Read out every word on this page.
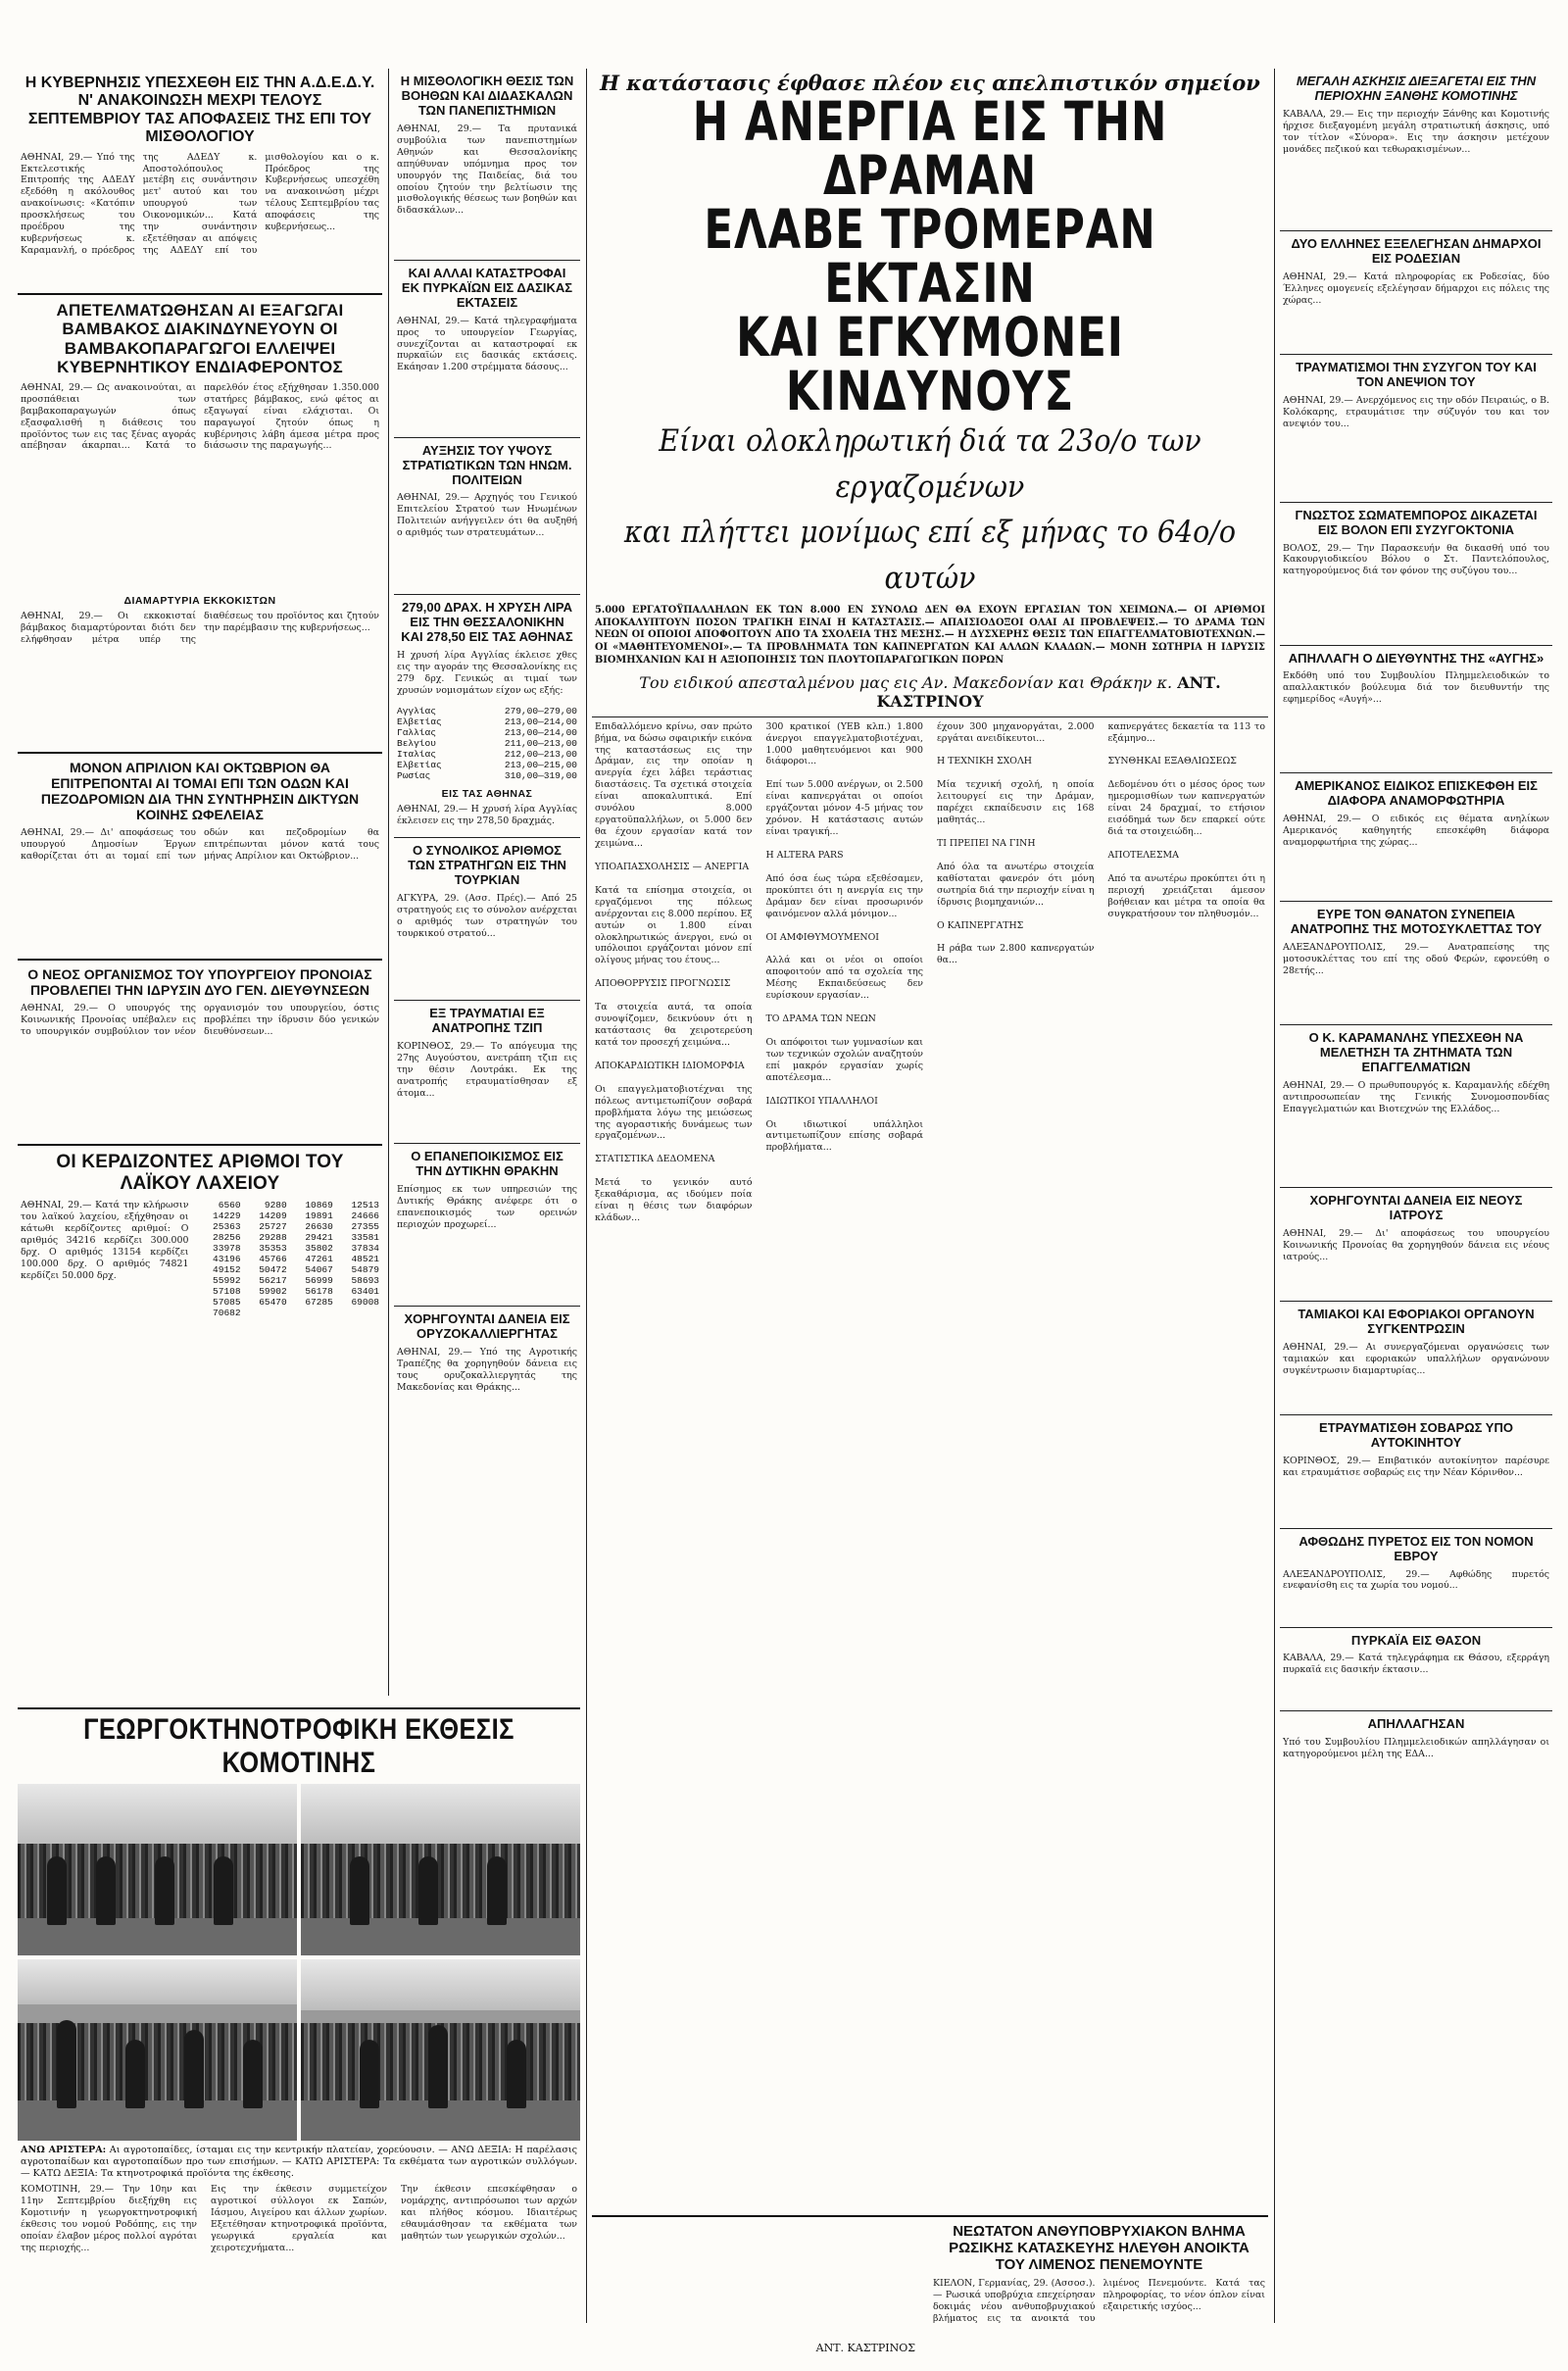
Η ΚΥΒΕΡΝΗΣΙΣ ΥΠΕΣΧΕΘΗ ΕΙΣ ΤΗΝ Α.Δ.Ε.Δ.Υ. Ν' ΑΝΑΚΟΙΝΩΣΗ ΜΕΧΡΙ ΤΕΛΟΥΣ ΣΕΠΤΕΜΒΡΙΟΥ ΤΑΣ ΑΠΟΦΑΣΕΙΣ ΤΗΣ ΕΠΙ ΤΟΥ ΜΙΣΘΟΛΟΓΙΟΥ
ΑΘΗΝΑΙ, 29.— Υπό της Εκτελεστικής Επιτροπής της ΑΔΕΔΥ εξεδόθη η ακόλουθος ανακοίνωσις: «Κατόπιν προσκλήσεως του προέδρου της κυβερνήσεως κ. Καραμανλή, ο πρόεδρος της ΑΔΕΔΥ κ. Αποστολόπουλος μετέβη εις συνάντησιν μετ' αυτού και του υπουργού των Οικονομικών... Κατά την συνάντησιν εξετέθησαν αι απόψεις της ΑΔΕΔΥ επί του μισθολογίου και ο κ. Πρόεδρος της Κυβερνήσεως υπεσχέθη να ανακοινώση μέχρι τέλους Σεπτεμβρίου τας αποφάσεις της κυβερνήσεως...
ΑΠΕΤΕΛΜΑΤΩΘΗΣΑΝ ΑΙ ΕΞΑΓΩΓΑΙ ΒΑΜΒΑΚΟΣ ΔΙΑΚΙΝΔΥΝΕΥΟΥΝ ΟΙ ΒΑΜΒΑΚΟΠΑΡΑΓΩΓΟΙ ΕΛΛΕΙΨΕΙ ΚΥΒΕΡΝΗΤΙΚΟΥ ΕΝΔΙΑΦΕΡΟΝΤΟΣ
ΑΘΗΝΑΙ, 29.— Ως ανακοινούται, αι προσπάθειαι των βαμβακοπαραγωγών όπως εξασφαλισθή η διάθεσις του προϊόντος των εις τας ξένας αγοράς απέβησαν άκαρπαι... Κατά το παρελθόν έτος εξήχθησαν 1.350.000 στατήρες βάμβακος, ενώ φέτος αι εξαγωγαί είναι ελάχισται. Οι παραγωγοί ζητούν όπως η κυβέρνησις λάβη άμεσα μέτρα προς διάσωσιν της παραγωγής...
ΔΙΑΜΑΡΤΥΡΙΑ ΕΚΚΟΚΙΣΤΩΝ
ΑΘΗΝΑΙ, 29.— Οι εκκοκισταί βάμβακος διαμαρτύρονται διότι δεν ελήφθησαν μέτρα υπέρ της διαθέσεως του προϊόντος και ζητούν την παρέμβασιν της κυβερνήσεως...
ΜΟΝΟΝ ΑΠΡΙΛΙΟΝ ΚΑΙ ΟΚΤΩΒΡΙΟΝ ΘΑ ΕΠΙΤΡΕΠΟΝΤΑΙ ΑΙ ΤΟΜΑΙ ΕΠΙ ΤΩΝ ΟΔΩΝ ΚΑΙ ΠΕΖΟΔΡΟΜΙΩΝ ΔΙΑ ΤΗΝ ΣΥΝΤΗΡΗΣΙΝ ΔΙΚΤΥΩΝ ΚΟΙΝΗΣ ΩΦΕΛΕΙΑΣ
ΑΘΗΝΑΙ, 29.— Δι' αποφάσεως του υπουργού Δημοσίων Έργων καθορίζεται ότι αι τομαί επί των οδών και πεζοδρομίων θα επιτρέπωνται μόνον κατά τους μήνας Απρίλιον και Οκτώβριον...
Ο ΝΕΟΣ ΟΡΓΑΝΙΣΜΟΣ ΤΟΥ ΥΠΟΥΡΓΕΙΟΥ ΠΡΟΝΟΙΑΣ ΠΡΟΒΛΕΠΕΙ ΤΗΝ ΙΔΡΥΣΙΝ ΔΥΟ ΓΕΝ. ΔΙΕΥΘΥΝΣΕΩΝ
ΑΘΗΝΑΙ, 29.— Ο υπουργός της Κοινωνικής Προνοίας υπέβαλεν εις το υπουργικόν συμβούλιον τον νέον οργανισμόν του υπουργείου, όστις προβλέπει την ίδρυσιν δύο γενικών διευθύνσεων...
ΟΙ ΚΕΡΔΙΖΟΝΤΕΣ ΑΡΙΘΜΟΙ ΤΟΥ ΛΑΪΚΟΥ ΛΑΧΕΙΟΥ
ΑΘΗΝΑΙ, 29.— Κατά την κλήρωσιν του λαϊκού λαχείου, εξήχθησαν οι κάτωθι κερδίζοντες αριθμοί: Ο αριθμός 34216 κερδίζει 300.000 δρχ. Ο αριθμός 13154 κερδίζει 100.000 δρχ. Ο αριθμός 74821 κερδίζει 50.000 δρχ.
6560	9280	10869	12513
14229	14209	19891	24666
25363	25727	26630	27355
28256	29288	29421	33581
33978	35353	35802	37834
43196	45766	47261	48521
49152	50472	54067	54879
55992	56217	56999	58693
57108	59902	56178	63401
57085	65470	67285	69008
70682			
Η ΜΙΣΘΟΛΟΓΙΚΗ ΘΕΣΙΣ ΤΩΝ ΒΟΗΘΩΝ ΚΑΙ ΔΙΔΑΣΚΑΛΩΝ ΤΩΝ ΠΑΝΕΠΙΣΤΗΜΙΩΝ
ΑΘΗΝΑΙ, 29.— Τα πρυτανικά συμβούλια των πανεπιστημίων Αθηνών και Θεσσαλονίκης απηύθυναν υπόμνημα προς τον υπουργόν της Παιδείας, διά του οποίου ζητούν την βελτίωσιν της μισθολογικής θέσεως των βοηθών και διδασκάλων...
ΚΑΙ ΑΛΛΑΙ ΚΑΤΑΣΤΡΟΦΑΙ ΕΚ ΠΥΡΚΑΪΩΝ ΕΙΣ ΔΑΣΙΚΑΣ ΕΚΤΑΣΕΙΣ
ΑΘΗΝΑΙ, 29.— Κατά τηλεγραφήματα προς το υπουργείον Γεωργίας, συνεχίζονται αι καταστροφαί εκ πυρκαϊών εις δασικάς εκτάσεις. Εκάησαν 1.200 στρέμματα δάσους...
ΑΥΞΗΣΙΣ ΤΟΥ ΥΨΟΥΣ ΣΤΡΑΤΙΩΤΙΚΩΝ ΤΩΝ ΗΝΩΜ. ΠΟΛΙΤΕΙΩΝ
ΑΘΗΝΑΙ, 29.— Αρχηγός του Γενικού Επιτελείου Στρατού των Ηνωμένων Πολιτειών ανήγγειλεν ότι θα αυξηθή ο αριθμός των στρατευμάτων...
279,00 ΔΡΑΧ. Η ΧΡΥΣΗ ΛΙΡΑ ΕΙΣ ΤΗΝ ΘΕΣΣΑΛΟΝΙΚΗΝ ΚΑΙ 278,50 ΕΙΣ ΤΑΣ ΑΘΗΝΑΣ
Η χρυσή λίρα Αγγλίας έκλεισε χθες εις την αγοράν της Θεσσαλονίκης εις 279 δρχ. Γενικώς αι τιμαί των χρυσών νομισμάτων είχον ως εξής:
Αγγλίας	279,00—279,00
Ελβετίας	213,00—214,00
Γαλλίας	213,00—214,00
Βελγίου	211,00—213,00
Ιταλίας	212,00—213,00
Ελβετίας	213,00—215,00
Ρωσίας	310,00—319,00
ΕΙΣ ΤΑΣ ΑΘΗΝΑΣ
ΑΘΗΝΑΙ, 29.— Η χρυσή λίρα Αγγλίας έκλεισεν εις την 278,50 δραχμάς.
Ο ΣΥΝΟΛΙΚΟΣ ΑΡΙΘΜΟΣ ΤΩΝ ΣΤΡΑΤΗΓΩΝ ΕΙΣ ΤΗΝ ΤΟΥΡΚΙΑΝ
ΑΓΚΥΡΑ, 29. (Ασσ. Πρές).— Από 25 στρατηγούς εις το σύνολον ανέρχεται ο αριθμός των στρατηγών του τουρκικού στρατού...
ΕΞ ΤΡΑΥΜΑΤΙΑΙ ΕΞ ΑΝΑΤΡΟΠΗΣ ΤΖΙΠ
ΚΟΡΙΝΘΟΣ, 29.— Το απόγευμα της 27ης Αυγούστου, ανετράπη τζιπ εις την θέσιν Λουτράκι. Εκ της ανατροπής ετραυματίσθησαν εξ άτομα...
Ο ΕΠΑΝΕΠΟΙΚΙΣΜΟΣ ΕΙΣ ΤΗΝ ΔΥΤΙΚΗΝ ΘΡΑΚΗΝ
Επίσημος εκ των υπηρεσιών της Δυτικής Θράκης ανέφερε ότι ο επανεποικισμός των ορεινών περιοχών προχωρεί...
ΧΟΡΗΓΟΥΝΤΑΙ ΔΑΝΕΙΑ ΕΙΣ ΟΡΥΖΟΚΑΛΛΙΕΡΓΗΤΑΣ
ΑΘΗΝΑΙ, 29.— Υπό της Αγροτικής Τραπέζης θα χορηγηθούν δάνεια εις τους ορυζοκαλλιεργητάς της Μακεδονίας και Θράκης...
Η κατάστασις έφθασε πλέον εις απελπιστικόν σημείον
Η ΑΝΕΡΓΙΑ ΕΙΣ ΤΗΝ ΔΡΑΜΑΝ
ΕΛΑΒΕ ΤΡΟΜΕΡΑΝ ΕΚΤΑΣΙΝ
ΚΑΙ ΕΓΚΥΜΟΝΕΙ ΚΙΝΔΥΝΟΥΣ
Είναι ολοκληρωτική διά τα 23ο/ο των εργαζομένων
και πλήττει μονίμως επί εξ μήνας το 64ο/ο αυτών
5.000 ΕΡΓΑΤΟΫΠΑΛΛΗΛΩΝ ΕΚ ΤΩΝ 8.000 ΕΝ ΣΥΝΟΛΩ ΔΕΝ ΘΑ ΕΧΟΥΝ ΕΡΓΑΣΙΑΝ ΤΟΝ ΧΕΙΜΩΝΑ.— ΟΙ ΑΡΙΘΜΟΙ ΑΠΟΚΑΛΥΠΤΟΥΝ ΠΟΣΟΝ ΤΡΑΓΙΚΗ ΕΙΝΑΙ Η ΚΑΤΑΣΤΑΣΙΣ.— ΑΠΑΙΣΙΟΔΟΞΟΙ ΟΛΑΙ ΑΙ ΠΡΟΒΛΕΨΕΙΣ.— ΤΟ ΔΡΑΜΑ ΤΩΝ ΝΕΩΝ ΟΙ ΟΠΟΙΟΙ ΑΠΟΦΟΙΤΟΥΝ ΑΠΟ ΤΑ ΣΧΟΛΕΙΑ ΤΗΣ ΜΕΣΗΣ.— Η ΔΥΣΧΕΡΗΣ ΘΕΣΙΣ ΤΩΝ ΕΠΑΓΓΕΛΜΑΤΟΒΙΟΤΕΧΝΩΝ.— ΟΙ «ΜΑΘΗΤΕΥΟΜΕΝΟΙ».— ΤΑ ΠΡΟΒΛΗΜΑΤΑ ΤΩΝ ΚΑΠΝΕΡΓΑΤΩΝ ΚΑΙ ΑΛΛΩΝ ΚΛΑΔΩΝ.— ΜΟΝΗ ΣΩΤΗΡΙΑ Η ΙΔΡΥΣΙΣ ΒΙΟΜΗΧΑΝΙΩΝ ΚΑΙ Η ΑΞΙΟΠΟΙΗΣΙΣ ΤΩΝ ΠΛΟΥΤΟΠΑΡΑΓΩΓΙΚΩΝ ΠΟΡΩΝ
Του ειδικού απεσταλμένου μας εις Αν. Μακεδονίαν και Θράκην κ. ΑΝΤ. ΚΑΣΤΡΙΝΟΥ
Επιδαλλόμενο κρίνω, σαν πρώτο βήμα, να δώσω σφαιρικήν εικόνα της καταστάσεως εις την Δράμαν, εις την οποίαν η ανεργία έχει λάβει τεράστιας διαστάσεις. Τα σχετικά στοιχεία είναι αποκαλυπτικά. Επί συνόλου 8.000 εργατοϋπαλλήλων, οι 5.000 δεν θα έχουν εργασίαν κατά τον χειμώνα...

ΥΠΟΑΠΑΣΧΟΛΗΣΙΣ — ΑΝΕΡΓΙΑ

Κατά τα επίσημα στοιχεία, οι εργαζόμενοι της πόλεως ανέρχονται εις 8.000 περίπου. Εξ αυτών οι 1.800 είναι ολοκληρωτικώς άνεργοι, ενώ οι υπόλοιποι εργάζονται μόνον επί ολίγους μήνας του έτους...

ΑΠΟΘΟΡΡΥΣΙΣ ΠΡΟΓΝΩΣΙΣ

Τα στοιχεία αυτά, τα οποία συνοψίζομεν, δεικνύουν ότι η κατάστασις θα χειροτερεύση κατά τον προσεχή χειμώνα...

ΑΠΟΚΑΡΔΙΩΤΙΚΗ ΙΔΙΟΜΟΡΦΙΑ

Οι επαγγελματοβιοτέχναι της πόλεως αντιμετωπίζουν σοβαρά προβλήματα λόγω της μειώσεως της αγοραστικής δυνάμεως των εργαζομένων...

ΣΤΑΤΙΣΤΙΚΑ ΔΕΔΟΜΕΝΑ

Μετά το γενικόν αυτό ξεκαθάρισμα, ας ιδούμεν ποία είναι η θέσις των διαφόρων κλάδων...
300 κρατικοί (ΥΕΒ κλπ.) 1.800 άνεργοι επαγγελματοβιοτέχναι, 1.000 μαθητευόμενοι και 900 διάφοροι...

Επί των 5.000 ανέργων, οι 2.500 είναι καπνεργάται οι οποίοι εργάζονται μόνον 4-5 μήνας τον χρόνον. Η κατάστασις αυτών είναι τραγική...

Η ΑLTERA PARS

Από όσα έως τώρα εξεθέσαμεν, προκύπτει ότι η ανεργία εις την Δράμαν δεν είναι προσωρινόν φαινόμενον αλλά μόνιμον...

ΟΙ ΑΜΦΙΘΥΜΟΥΜΕΝΟΙ

Αλλά και οι νέοι οι οποίοι αποφοιτούν από τα σχολεία της Μέσης Εκπαιδεύσεως δεν ευρίσκουν εργασίαν...

ΤΟ ΔΡΑΜΑ ΤΩΝ ΝΕΩΝ

Οι απόφοιτοι των γυμνασίων και των τεχνικών σχολών αναζητούν επί μακρόν εργασίαν χωρίς αποτέλεσμα...

ΙΔΙΩΤΙΚΟΙ ΥΠΑΛΛΗΛΟΙ

Οι ιδιωτικοί υπάλληλοι αντιμετωπίζουν επίσης σοβαρά προβλήματα...
έχουν 300 μηχανοργάται, 2.000 εργάται ανειδίκευτοι...

Η ΤΕΧΝΙΚΗ ΣΧΟΛΗ

Μία τεχνική σχολή, η οποία λειτουργεί εις την Δράμαν, παρέχει εκπαίδευσιν εις 168 μαθητάς...

ΤΙ ΠΡΕΠΕΙ ΝΑ ΓΙΝΗ

Από όλα τα ανωτέρω στοιχεία καθίσταται φανερόν ότι μόνη σωτηρία διά την περιοχήν είναι η ίδρυσις βιομηχανιών...

Ο ΚΑΠΝΕΡΓΑΤΗΣ

Η ράβα των 2.800 καπνεργατών θα...
καπνεργάτες δεκαετία τα 113 το εξάμηνο...

ΣΥΝΘΗΚΑΙ ΕΞΑΘΛΙΩΣΕΩΣ

Δεδομένου ότι ο μέσος όρος των ημερομισθίων των καπνεργατών είναι 24 δραχμαί, το ετήσιον εισόδημά των δεν επαρκεί ούτε διά τα στοιχειώδη...

ΑΠΟΤΕΛΕΣΜΑ

Από τα ανωτέρω προκύπτει ότι η περιοχή χρειάζεται άμεσον βοήθειαν και μέτρα τα οποία θα συγκρατήσουν τον πληθυσμόν...
ΝΕΩΤΑΤΟΝ ΑΝΘΥΠΟΒΡΥΧΙΑΚΟΝ ΒΛΗΜΑ ΡΩΣΙΚΗΣ ΚΑΤΑΣΚΕΥΗΣ ΗΛΕΥΘΗ ΑΝΟΙΚΤΑ ΤΟΥ ΛΙΜΕΝΟΣ ΠΕΝΕΜΟΥΝΤΕ
ΚΙΕΛΟΝ, Γερμανίας, 29. (Ασσοσ.).— Ρωσικά υποβρύχια επεχείρησαν δοκιμάς νέου ανθυποβρυχιακού βλήματος εις τα ανοικτά του λιμένος Πενεμούντε. Κατά τας πληροφορίας, το νέον όπλον είναι εξαιρετικής ισχύος...
ΑΝΤ. ΚΑΣΤΡΙΝΟΣ
ΜΕΓΑΛΗ ΑΣΚΗΣΙΣ ΔΙΕΞΑΓΕΤΑΙ ΕΙΣ ΤΗΝ ΠΕΡΙΟΧΗΝ ΞΑΝΘΗΣ ΚΟΜΟΤΙΝΗΣ
ΚΑΒΑΛΑ, 29.— Εις την περιοχήν Ξάνθης και Κομοτινής ήρχισε διεξαγομένη μεγάλη στρατιωτική άσκησις, υπό τον τίτλον «Σύνορα». Εις την άσκησιν μετέχουν μονάδες πεζικού και τεθωρακισμένων...
ΔΥΟ ΕΛΛΗΝΕΣ ΕΞΕΛΕΓΗΣΑΝ ΔΗΜΑΡΧΟΙ ΕΙΣ ΡΟΔΕΣΙΑΝ
ΑΘΗΝΑΙ, 29.— Κατά πληροφορίας εκ Ροδεσίας, δύο Έλληνες ομογενείς εξελέγησαν δήμαρχοι εις πόλεις της χώρας...
ΤΡΑΥΜΑΤΙΣΜΟΙ ΤΗΝ ΣΥΖΥΓΟΝ ΤΟΥ ΚΑΙ ΤΟΝ ΑΝΕΨΙΟΝ ΤΟΥ
ΑΘΗΝΑΙ, 29.— Ανερχόμενος εις την οδόν Πειραιώς, ο Β. Κολόκαρης, ετραυμάτισε την σύζυγόν του και τον ανεψιόν του...
ΓΝΩΣΤΟΣ ΣΩΜΑΤΕΜΠΟΡΟΣ ΔΙΚΑΖΕΤΑΙ ΕΙΣ ΒΟΛΟΝ ΕΠΙ ΣΥΖΥΓΟΚΤΟΝΙΑ
ΒΟΛΟΣ, 29.— Την Παρασκευήν θα δικασθή υπό του Κακουργιοδικείου Βόλου ο Στ. Παντελόπουλος, κατηγορούμενος διά τον φόνον της συζύγου του...
ΑΠΗΛΛΑΓΗ Ο ΔΙΕΥΘΥΝΤΗΣ ΤΗΣ «ΑΥΓΗΣ»
Εκδόθη υπό του Συμβουλίου Πλημμελειοδικών το απαλλακτικόν βούλευμα διά τον διευθυντήν της εφημερίδος «Αυγή»...
ΑΜΕΡΙΚΑΝΟΣ ΕΙΔΙΚΟΣ ΕΠΙΣΚΕΦΘΗ ΕΙΣ ΔΙΑΦΟΡΑ ΑΝΑΜΟΡΦΩΤΗΡΙΑ
ΑΘΗΝΑΙ, 29.— Ο ειδικός εις θέματα ανηλίκων Αμερικανός καθηγητής επεσκέφθη διάφορα αναμορφωτήρια της χώρας...
ΕΥΡΕ ΤΟΝ ΘΑΝΑΤΟΝ ΣΥΝΕΠΕΙΑ ΑΝΑΤΡΟΠΗΣ ΤΗΣ ΜΟΤΟΣΥΚΛΕΤΤΑΣ ΤΟΥ
ΑΛΕΞΑΝΔΡΟΥΠΟΛΙΣ, 29.— Ανατραπείσης της μοτοσυκλέττας του επί της οδού Φερών, εφονεύθη ο 28ετής...
Ο Κ. ΚΑΡΑΜΑΝΛΗΣ ΥΠΕΣΧΕΘΗ ΝΑ ΜΕΛΕΤΗΣΗ ΤΑ ΖΗΤΗΜΑΤΑ ΤΩΝ ΕΠΑΓΓΕΛΜΑΤΙΩΝ
ΑΘΗΝΑΙ, 29.— Ο πρωθυπουργός κ. Καραμανλής εδέχθη αντιπροσωπείαν της Γενικής Συνομοσπονδίας Επαγγελματιών και Βιοτεχνών της Ελλάδος...
ΧΟΡΗΓΟΥΝΤΑΙ ΔΑΝΕΙΑ ΕΙΣ ΝΕΟΥΣ ΙΑΤΡΟΥΣ
ΑΘΗΝΑΙ, 29.— Δι' αποφάσεως του υπουργείου Κοινωνικής Προνοίας θα χορηγηθούν δάνεια εις νέους ιατρούς...
ΤΑΜΙΑΚΟΙ ΚΑΙ ΕΦΟΡΙΑΚΟΙ ΟΡΓΑΝΟΥΝ ΣΥΓΚΕΝΤΡΩΣΙΝ
ΑΘΗΝΑΙ, 29.— Αι συνεργαζόμεναι οργανώσεις των ταμιακών και εφοριακών υπαλλήλων οργανώνουν συγκέντρωσιν διαμαρτυρίας...
ΕΤΡΑΥΜΑΤΙΣΘΗ ΣΟΒΑΡΩΣ ΥΠΟ ΑΥΤΟΚΙΝΗΤΟΥ
ΚΟΡΙΝΘΟΣ, 29.— Επιβατικόν αυτοκίνητον παρέσυρε και ετραυμάτισε σοβαρώς εις την Νέαν Κόρινθον...
ΑΦΘΩΔΗΣ ΠΥΡΕΤΟΣ ΕΙΣ ΤΟΝ ΝΟΜΟΝ ΕΒΡΟΥ
ΑΛΕΞΑΝΔΡΟΥΠΟΛΙΣ, 29.— Αφθώδης πυρετός ενεφανίσθη εις τα χωρία του νομού...
ΠΥΡΚΑΪΑ ΕΙΣ ΘΑΣΟΝ
ΚΑΒΑΛΑ, 29.— Κατά τηλεγράφημα εκ Θάσου, εξερράγη πυρκαϊά εις δασικήν έκτασιν...
ΑΠΗΛΛΑΓΗΣΑΝ
Υπό του Συμβουλίου Πλημμελειοδικών απηλλάγησαν οι κατηγορούμενοι μέλη της ΕΔΑ...
ΓΕΩΡΓΟΚΤΗΝΟΤΡΟΦΙΚΗ ΕΚΘΕΣΙΣ ΚΟΜΟΤΙΝΗΣ
ΑΝΩ ΑΡΙΣΤΕΡΑ: Αι αγροτοπαίδες, ίσταμαι εις την κεντρικήν πλατείαν, χορεύουσιν. — ΑΝΩ ΔΕΞΙΑ: Η παρέλασις αγροτοπαίδων και αγροτοπαίδων προ των επισήμων. — ΚΑΤΩ ΑΡΙΣΤΕΡΑ: Τα εκθέματα των αγροτικών συλλόγων. — ΚΑΤΩ ΔΕΞΙΑ: Τα κτηνοτροφικά προϊόντα της έκθεσης.
ΚΟΜΟΤΙΝΗ, 29.— Την 10ην και 11ην Σεπτεμβρίου διεξήχθη εις Κομοτινήν η γεωργοκτηνοτροφική έκθεσις του νομού Ροδόπης, εις την οποίαν έλαβον μέρος πολλοί αγρόται της περιοχής...
Εις την έκθεσιν συμμετείχον αγροτικοί σύλλογοι εκ Σαπών, Ιάσμου, Αιγείρου και άλλων χωρίων. Εξετέθησαν κτηνοτροφικά προϊόντα, γεωργικά εργαλεία και χειροτεχνήματα...
Την έκθεσιν επεσκέφθησαν ο νομάρχης, αντιπρόσωποι των αρχών και πλήθος κόσμου. Ιδιαιτέρως εθαυμάσθησαν τα εκθέματα των μαθητών των γεωργικών σχολών...
